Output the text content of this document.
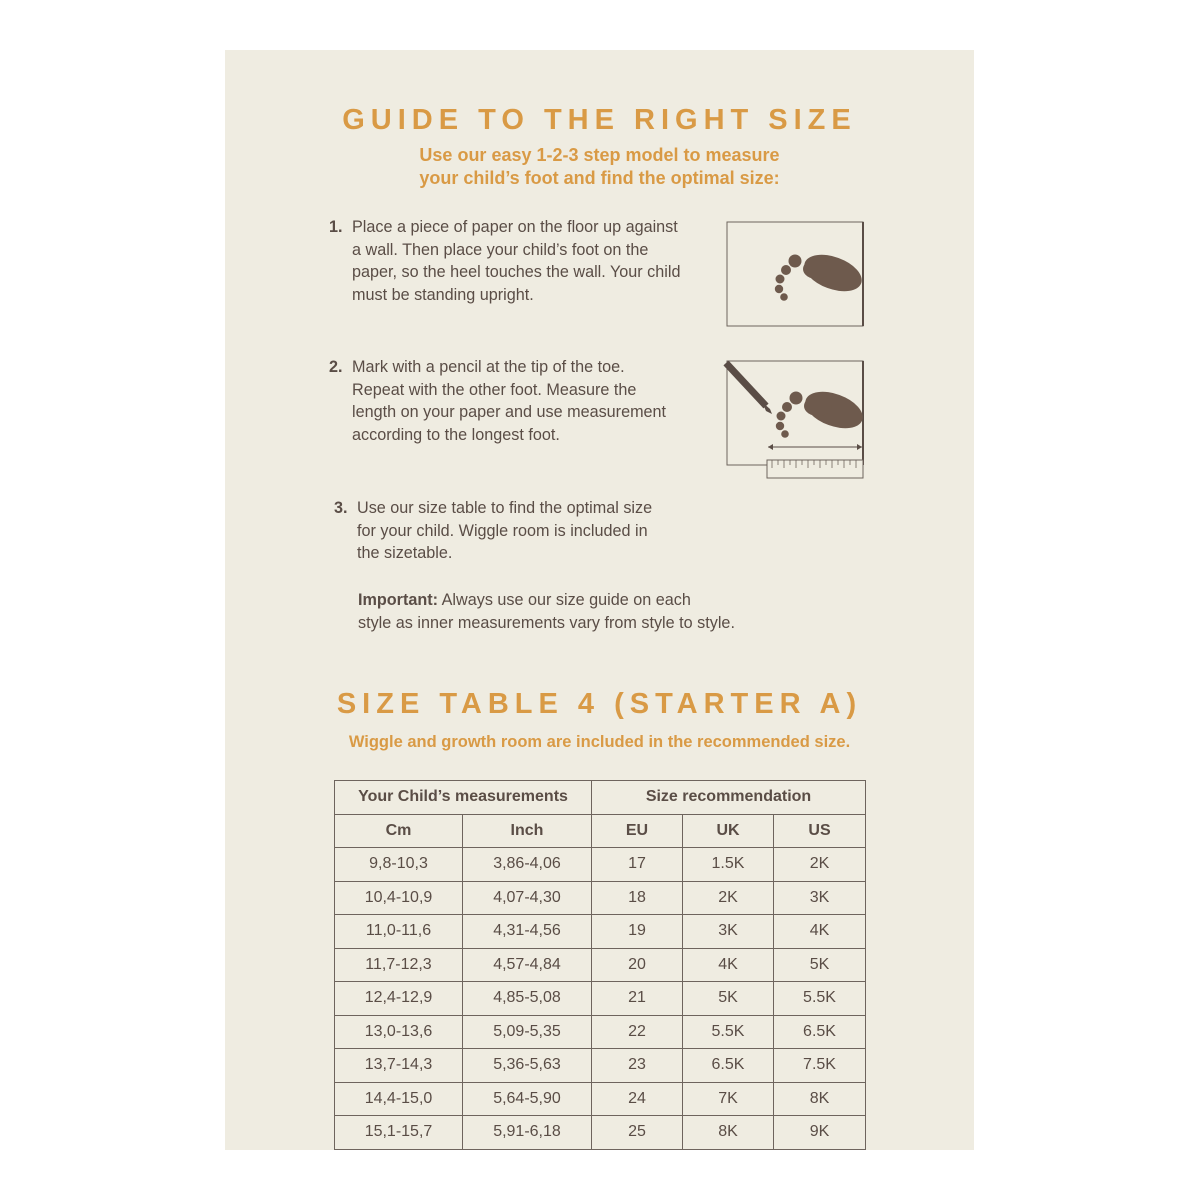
GUIDE TO THE RIGHT SIZE
Use our easy 1-2-3 step model to measure
your child’s foot and find the optimal size:
1. Place a piece of paper on the floor up against
a wall. Then place your child’s foot on the
paper, so the heel touches the wall. Your child
must be standing upright.
2. Mark with a pencil at the tip of the toe.
Repeat with the other foot. Measure the
length on your paper and use measurement
according to the longest foot.
3. Use our size table to find the optimal size
for your child. Wiggle room is included in
the sizetable.
Important: Always use our size guide on each
style as inner measurements vary from style to style.
SIZE TABLE 4 (STARTER A)
Wiggle and growth room are included in the recommended size.
Your Child’s measurements		Size recommendation		
Cm	Inch	EU	UK	US
9,8-10,3	3,86-4,06	17	1.5K	2K
10,4-10,9	4,07-4,30	18	2K	3K
11,0-11,6	4,31-4,56	19	3K	4K
11,7-12,3	4,57-4,84	20	4K	5K
12,4-12,9	4,85-5,08	21	5K	5.5K
13,0-13,6	5,09-5,35	22	5.5K	6.5K
13,7-14,3	5,36-5,63	23	6.5K	7.5K
14,4-15,0	5,64-5,90	24	7K	8K
15,1-15,7	5,91-6,18	25	8K	9K
